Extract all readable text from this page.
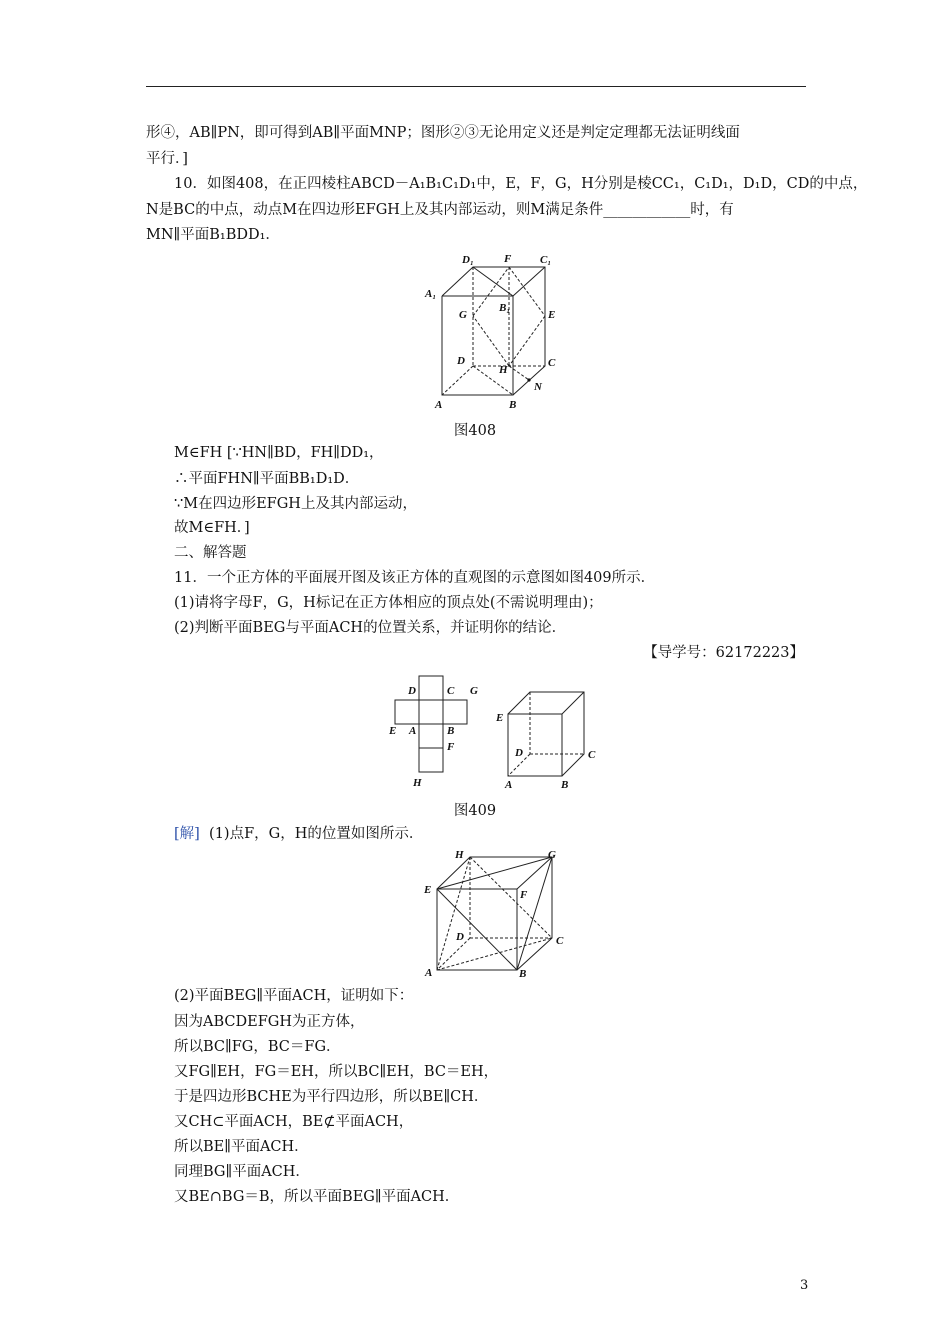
形④，AB∥PN，即可得到AB∥平面MNP；图形②③无论用定义还是判定定理都无法证明线面
平行．]
10．如图408，在正四棱柱ABCD－A₁B₁C₁D₁中，E，F，G，H分别是棱CC₁，C₁D₁，D₁D，CD的中点，
N是BC的中点，动点M在四边形EFGH上及其内部运动，则M满足条件____________时，有
MN∥平面B₁BDD₁．
D₁	F	C₁
A₁
B₁
G	E
D
H
C
N
A	B
图408
M∈FH [∵HN∥BD，FH∥DD₁，
∴平面FHN∥平面BB₁D₁D．
∵M在四边形EFGH上及其内部运动，
故M∈FH．]
二、解答题
11．一个正方体的平面展开图及该正方体的直观图的示意图如图409所示．
(1)请将字母F，G，H标记在正方体相应的顶点处(不需说明理由)；
(2)判断平面BEG与平面ACH的位置关系，并证明你的结论．
【导学号：62172223】
D	C G
E A	B
F
H
E
D	C
A	B
图409
[解] (1)点F，G，H的位置如图所示．
H	G
E	F
D	C
A	B
(2)平面BEG∥平面ACH，证明如下：
因为ABCDEFGH为正方体，
所以BC∥FG，BC＝FG．
又FG∥EH，FG＝EH，所以BC∥EH，BC＝EH，
于是四边形BCHE为平行四边形，所以BE∥CH．
又CH⊂平面ACH，BE⊄平面ACH，
所以BE∥平面ACH．
同理BG∥平面ACH．
又BE∩BG＝B，所以平面BEG∥平面ACH．
3
